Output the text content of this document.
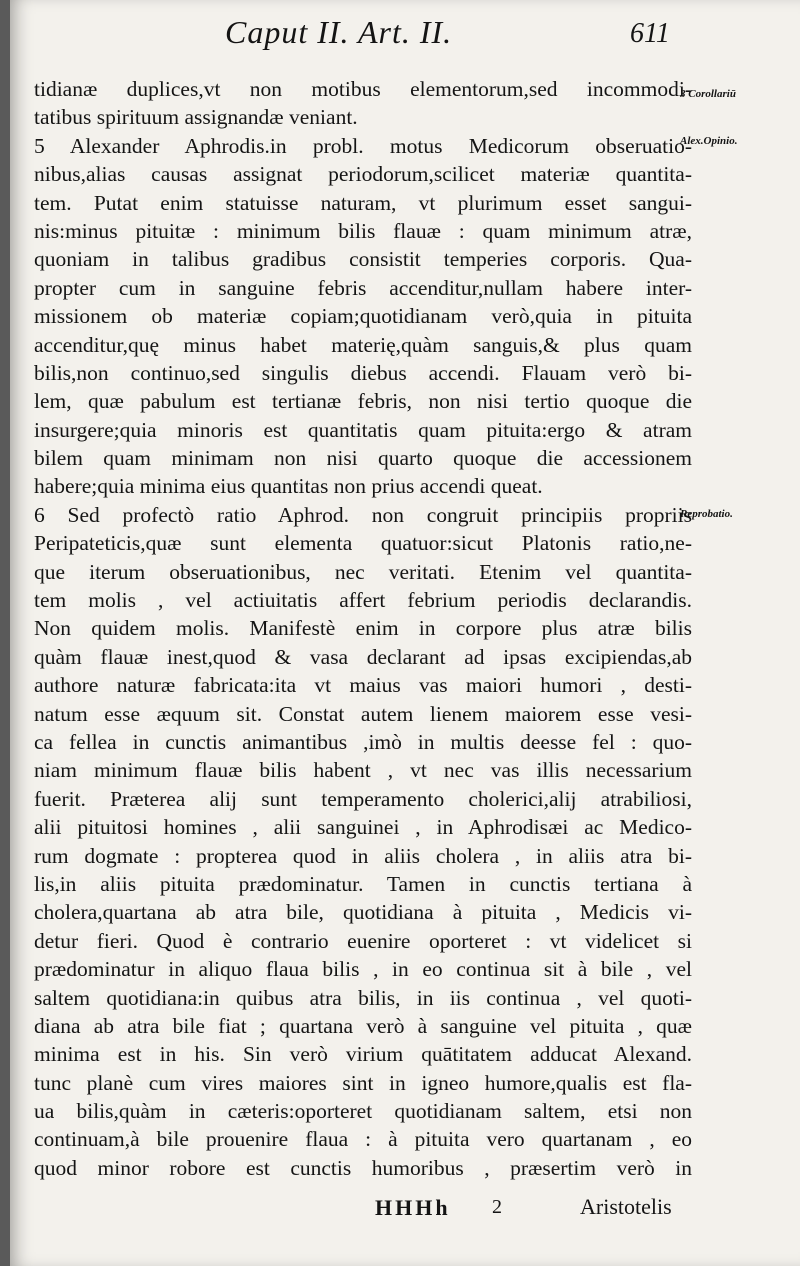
Caput II. Art. II.	611
tidianæ duplices,vt non motibus elementorum,sed incommodi-
tatibus spirituum assignandæ veniant.
5 Alexander Aphrodis.in probl. motus Medicorum obseruatio-
nibus,alias causas assignat periodorum,scilicet materiæ quantita-
tem. Putat enim statuisse naturam, vt plurimum esset sangui-
nis:minus pituitæ : minimum bilis flauæ : quam minimum atræ,
quoniam in talibus gradibus consistit temperies corporis. Qua-
propter cum in sanguine febris accenditur,nullam habere inter-
missionem ob materiæ copiam;quotidianam verò,quia in pituita
accenditur,quę minus habet materię,quàm sanguis,& plus quam
bilis,non continuo,sed singulis diebus accendi. Flauam verò bi-
lem, quæ pabulum est tertianæ febris, non nisi tertio quoque die
insurgere;quia minoris est quantitatis quam pituita:ergo & atram
bilem quam minimam non nisi quarto quoque die accessionem
habere;quia minima eius quantitas non prius accendi queat.
6 Sed profectò ratio Aphrod. non congruit principiis propriis
Peripateticis,quæ sunt elementa quatuor:sicut Platonis ratio,ne-
que iterum obseruationibus, nec veritati. Etenim vel quantita-
tem molis , vel actiuitatis affert febrium periodis declarandis.
Non quidem molis. Manifestè enim in corpore plus atræ bilis
quàm flauæ inest,quod & vasa declarant ad ipsas excipiendas,ab
authore naturæ fabricata:ita vt maius vas maiori humori , desti-
natum esse æquum sit. Constat autem lienem maiorem esse vesi-
ca fellea in cunctis animantibus ,imò in multis deesse fel : quo-
niam minimum flauæ bilis habent , vt nec vas illis necessarium
fuerit. Præterea alij sunt temperamento cholerici,alij atrabiliosi,
alii pituitosi homines , alii sanguinei , in Aphrodisæi ac Medico-
rum dogmate : propterea quod in aliis cholera , in aliis atra bi-
lis,in aliis pituita prædominatur. Tamen in cunctis tertiana à
cholera,quartana ab atra bile, quotidiana à pituita , Medicis vi-
detur fieri. Quod è contrario euenire oporteret : vt videlicet si
prædominatur in aliquo flaua bilis , in eo continua sit à bile , vel
saltem quotidiana:in quibus atra bilis, in iis continua , vel quoti-
diana ab atra bile fiat ; quartana verò à sanguine vel pituita , quæ
minima est in his. Sin verò virium quātitatem adducat Alexand.
tunc planè cum vires maiores sint in igneo humore,qualis est fla-
ua bilis,quàm in cæteris:oporteret quotidianam saltem, etsi non
continuam,à bile prouenire flaua : à pituita vero quartanam , eo
quod minor robore est cunctis humoribus , præsertim verò in
3 Corollariū
Alex.Opinio.
Reprobatio.
HHHh 2	Aristotelis
